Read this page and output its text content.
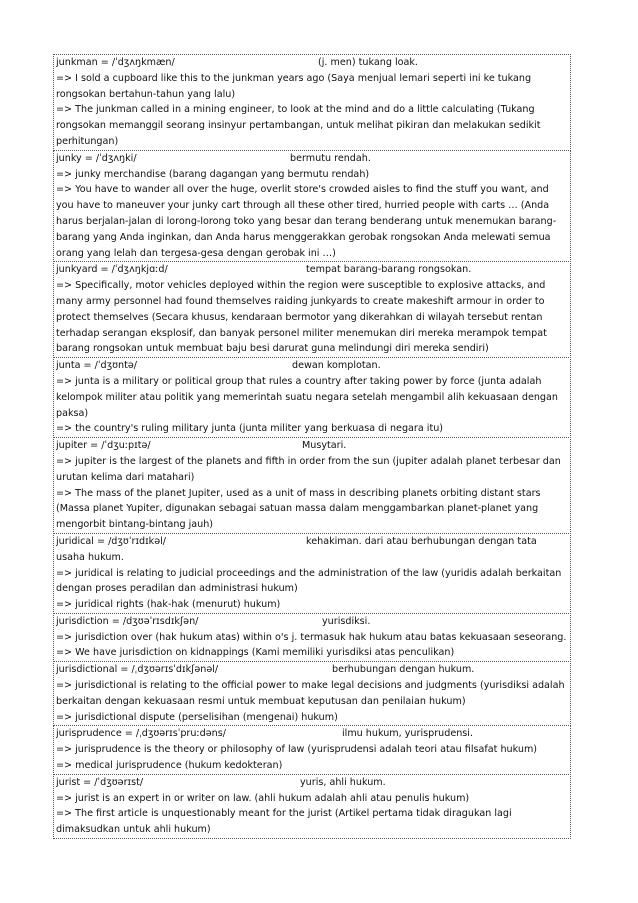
junkman = /ˈdʒʌŋkmæn/	(j. men) tukang loak.
=> I sold a cupboard like this to the junkman years ago (Saya menjual lemari seperti ini ke tukang rongsokan bertahun-tahun yang lalu)
=> The junkman called in a mining engineer, to look at the mind and do a little calculating (Tukang rongsokan memanggil seorang insinyur pertambangan, untuk melihat pikiran dan melakukan sedikit perhitungan)
junky = /ˈdʒʌŋki/	bermutu rendah.
=> junky merchandise (barang dagangan yang bermutu rendah)
=> You have to wander all over the huge, overlit store's crowded aisles to find the stuff you want, and you have to maneuver your junky cart through all these other tired, hurried people with carts … (Anda harus berjalan-jalan di lorong-lorong toko yang besar dan terang benderang untuk menemukan barang-barang yang Anda inginkan, dan Anda harus menggerakkan gerobak rongsokan Anda melewati semua orang yang lelah dan tergesa-gesa dengan gerobak ini …)
junkyard = /ˈdʒʌŋkjɑːd/	tempat barang-barang rongsokan.
=> Specifically, motor vehicles deployed within the region were susceptible to explosive attacks, and many army personnel had found themselves raiding junkyards to create makeshift armour in order to protect themselves (Secara khusus, kendaraan bermotor yang dikerahkan di wilayah tersebut rentan terhadap serangan eksplosif, dan banyak personel militer menemukan diri mereka merampok tempat barang rongsokan untuk membuat baju besi darurat guna melindungi diri mereka sendiri)
junta = /ˈdʒʊntə/	dewan komplotan.
=> junta is a military or political group that rules a country after taking power by force (junta adalah kelompok militer atau politik yang memerintah suatu negara setelah mengambil alih kekuasaan dengan paksa)
=> the country's ruling military junta (junta militer yang berkuasa di negara itu)
jupiter = /ˈdʒuːpɪtə/	Musytari.
=> jupiter is the largest of the planets and fifth in order from the sun (jupiter adalah planet terbesar dan urutan kelima dari matahari)
=> The mass of the planet Jupiter, used as a unit of mass in describing planets orbiting distant stars (Massa planet Yupiter, digunakan sebagai satuan massa dalam menggambarkan planet-planet yang mengorbit bintang-bintang jauh)
juridical = /dʒʊˈrɪdɪkəl/	kehakiman. dari atau berhubungan dengan tata usaha hukum.
=> juridical is relating to judicial proceedings and the administration of the law (yuridis adalah berkaitan dengan proses peradilan dan administrasi hukum)
=> juridical rights (hak-hak (menurut) hukum)
jurisdiction = /dʒʊəˈrɪsdɪkʃən/	yurisdiksi.
=> jurisdiction over (hak hukum atas) within o's j. termasuk hak hukum atau batas kekuasaan seseorang.
=> We have jurisdiction on kidnappings (Kami memiliki yurisdiksi atas penculikan)
jurisdictional = /ˌdʒʊərɪsˈdɪkʃənəl/	berhubungan dengan hukum.
=> jurisdictional is relating to the official power to make legal decisions and judgments (yurisdiksi adalah berkaitan dengan kekuasaan resmi untuk membuat keputusan dan penilaian hukum)
=> jurisdictional dispute (perselisihan (mengenai) hukum)
jurisprudence = /ˌdʒʊərɪsˈpruːdəns/	ilmu hukum, yurisprudensi.
=> jurisprudence is the theory or philosophy of law (yurisprudensi adalah teori atau filsafat hukum)
=> medical jurisprudence (hukum kedokteran)
jurist = /ˈdʒʊərɪst/	yuris, ahli hukum.
=> jurist is an expert in or writer on law. (ahli hukum adalah ahli atau penulis hukum)
=> The first article is unquestionably meant for the jurist (Artikel pertama tidak diragukan lagi dimaksudkan untuk ahli hukum)
